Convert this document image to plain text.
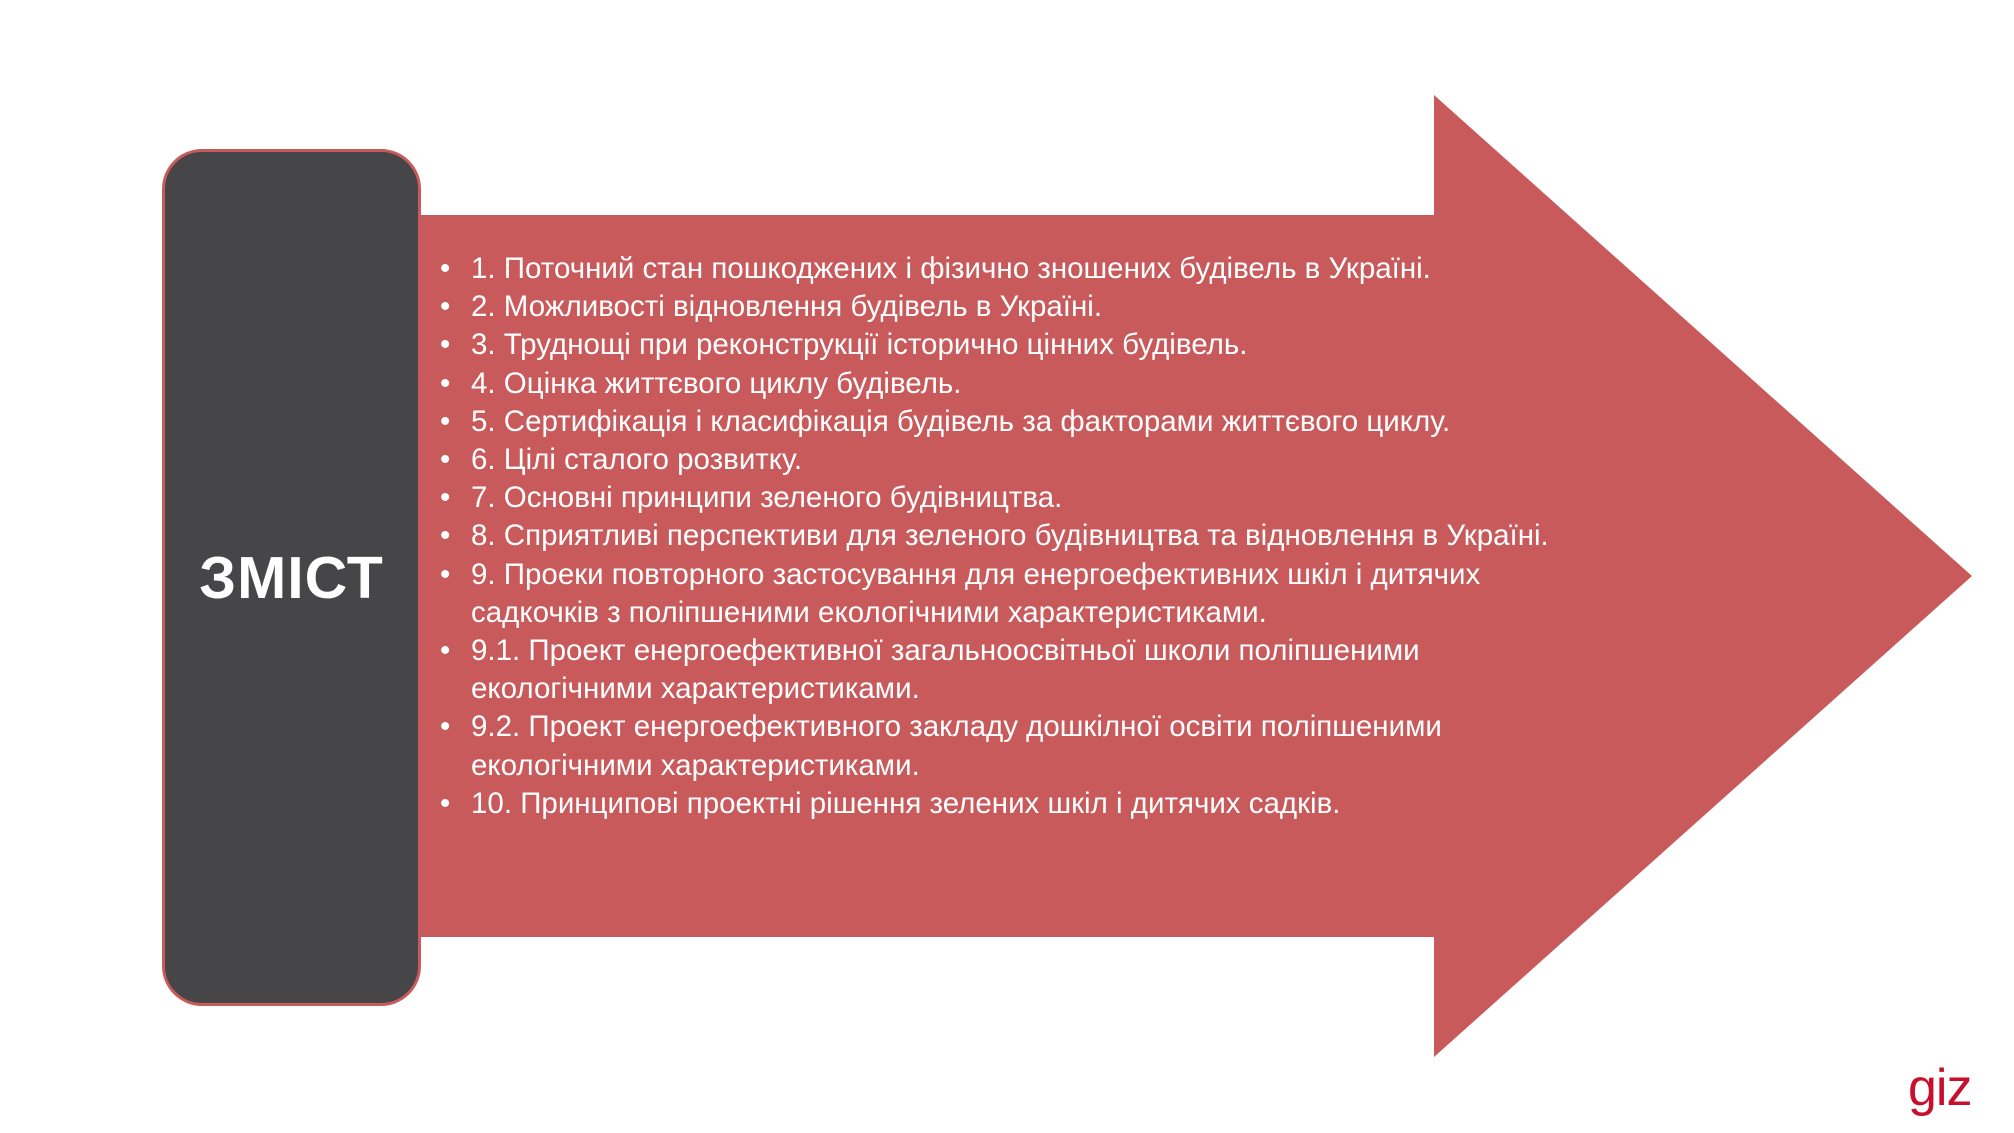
ЗМІСТ
• 1. Поточний стан пошкоджених і фізично зношених будівель в Україні.
• 2. Можливості відновлення будівель в Україні.
• 3. Труднощі при реконструкції історично цінних будівель.
• 4. Оцінка життєвого циклу будівель.
• 5. Сертифікація і класифікація будівель за факторами життєвого циклу.
• 6. Цілі сталого розвитку.
• 7. Основні принципи зеленого будівництва.
• 8. Сприятливі перспективи для зеленого будівництва та відновлення в Україні.
• 9. Проеки повторного застосування для енергоефективних шкіл і дитячих садкочків з поліпшеними екологічними характеристиками.
• 9.1. Проект енергоефективної загальноосвітньої школи поліпшеними екологічними характеристиками.
• 9.2. Проект енергоефективного закладу дошкілної освіти поліпшеними екологічними характеристиками.
• 10. Принципові проектні рішення зелених шкіл і дитячих садків.
giz
